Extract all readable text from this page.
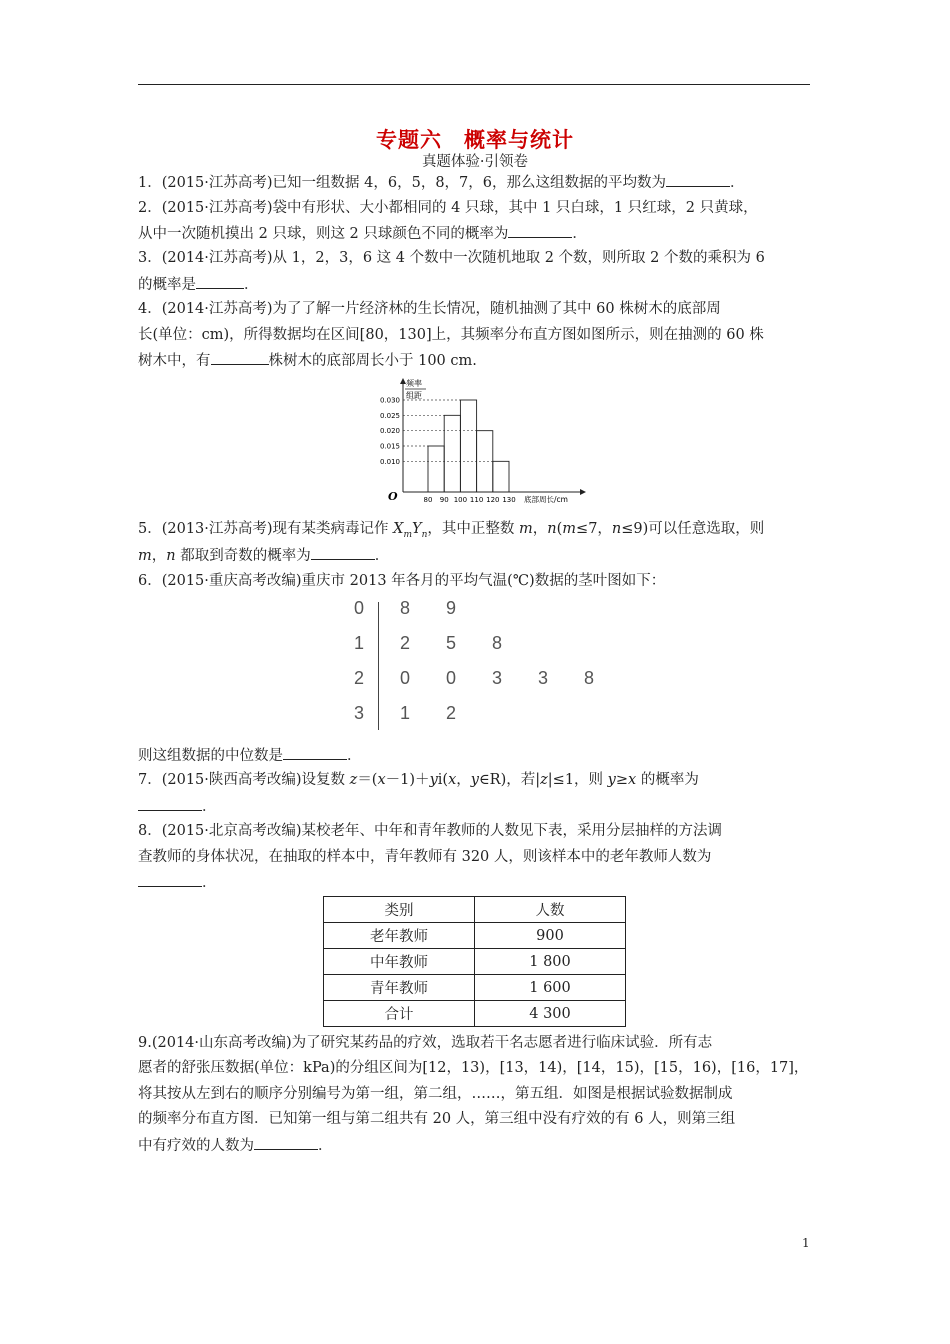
专题六 概率与统计
真题体验·引领卷
1．(2015·江苏高考)已知一组数据 4，6，5，8，7，6，那么这组数据的平均数为	．
2．(2015·江苏高考)袋中有形状、大小都相同的 4 只球，其中 1 只白球，1 只红球，2 只黄球，
从中一次随机摸出 2 只球，则这 2 只球颜色不同的概率为	．
3．(2014·江苏高考)从 1，2，3，6 这 4 个数中一次随机地取 2 个数，则所取 2 个数的乘积为 6
的概率是	．
4．(2014·江苏高考)为了了解一片经济林的生长情况，随机抽测了其中 60 株树木的底部周
长(单位：cm)，所得数据均在区间[80，130]上，其频率分布直方图如图所示，则在抽测的 60 株
树木中，有	株树木的底部周长小于 100 cm.
频率
组距
O
0.010
0.015
0.020
0.025
0.030
80 90 100 110 120 130 底部周长/cm
5．(2013·江苏高考)现有某类病毒记作 $X_mY_n$，其中正整数 m，n(m≤7，n≤9)可以任意选取，则
m，n 都取到奇数的概率为	．
6．(2015·重庆高考改编)重庆市 2013 年各月的平均气温(℃)数据的茎叶图如下：
0 8 9
1 2 5 8
2 0 0 3 3 8
3 1 2
则这组数据的中位数是	．
7．(2015·陕西高考改编)设复数 z＝(x－1)＋yi(x，y∈R)，若|z|≤1，则 y≥x 的概率为
．
8．(2015·北京高考改编)某校老年、中年和青年教师的人数见下表，采用分层抽样的方法调
查教师的身体状况，在抽取的样本中，青年教师有 320 人，则该样本中的老年教师人数为
．
类别	人数
老年教师	900
中年教师	1 800
青年教师	1 600
合计	4 300
9.(2014·山东高考改编)为了研究某药品的疗效，选取若干名志愿者进行临床试验．所有志
愿者的舒张压数据(单位：kPa)的分组区间为[12，13)，[13，14)，[14，15)，[15，16)，[16，17]，
将其按从左到右的顺序分别编号为第一组，第二组，……，第五组．如图是根据试验数据制成
的频率分布直方图．已知第一组与第二组共有 20 人，第三组中没有疗效的有 6 人，则第三组
中有疗效的人数为	．
1
